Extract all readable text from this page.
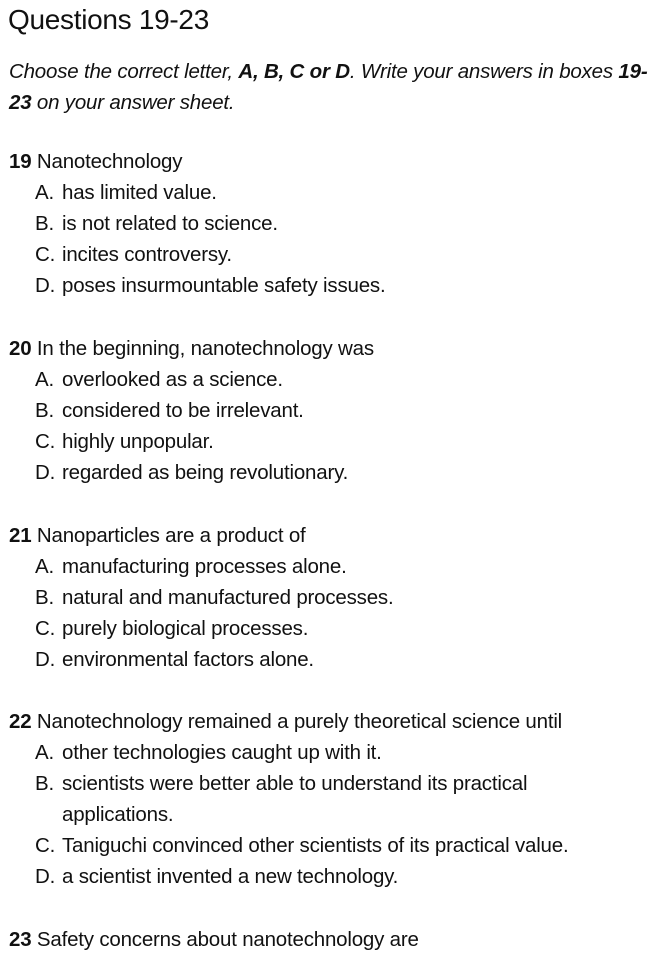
Questions 19-23

Choose the correct letter, A, B, C or D. Write your answers in boxes 19-23 on your answer sheet.

19 Nanotechnology
A. has limited value.
B. is not related to science.
C. incites controversy.
D. poses insurmountable safety issues.
20 In the beginning, nanotechnology was
A. overlooked as a science.
B. considered to be irrelevant.
C. highly unpopular.
D. regarded as being revolutionary.
21 Nanoparticles are a product of
A. manufacturing processes alone.
B. natural and manufactured processes.
C. purely biological processes.
D. environmental factors alone.
22 Nanotechnology remained a purely theoretical science until
A. other technologies caught up with it.
B. scientists were better able to understand its practical applications.
C. Taniguchi convinced other scientists of its practical value.
D. a scientist invented a new technology.
23 Safety concerns about nanotechnology are
